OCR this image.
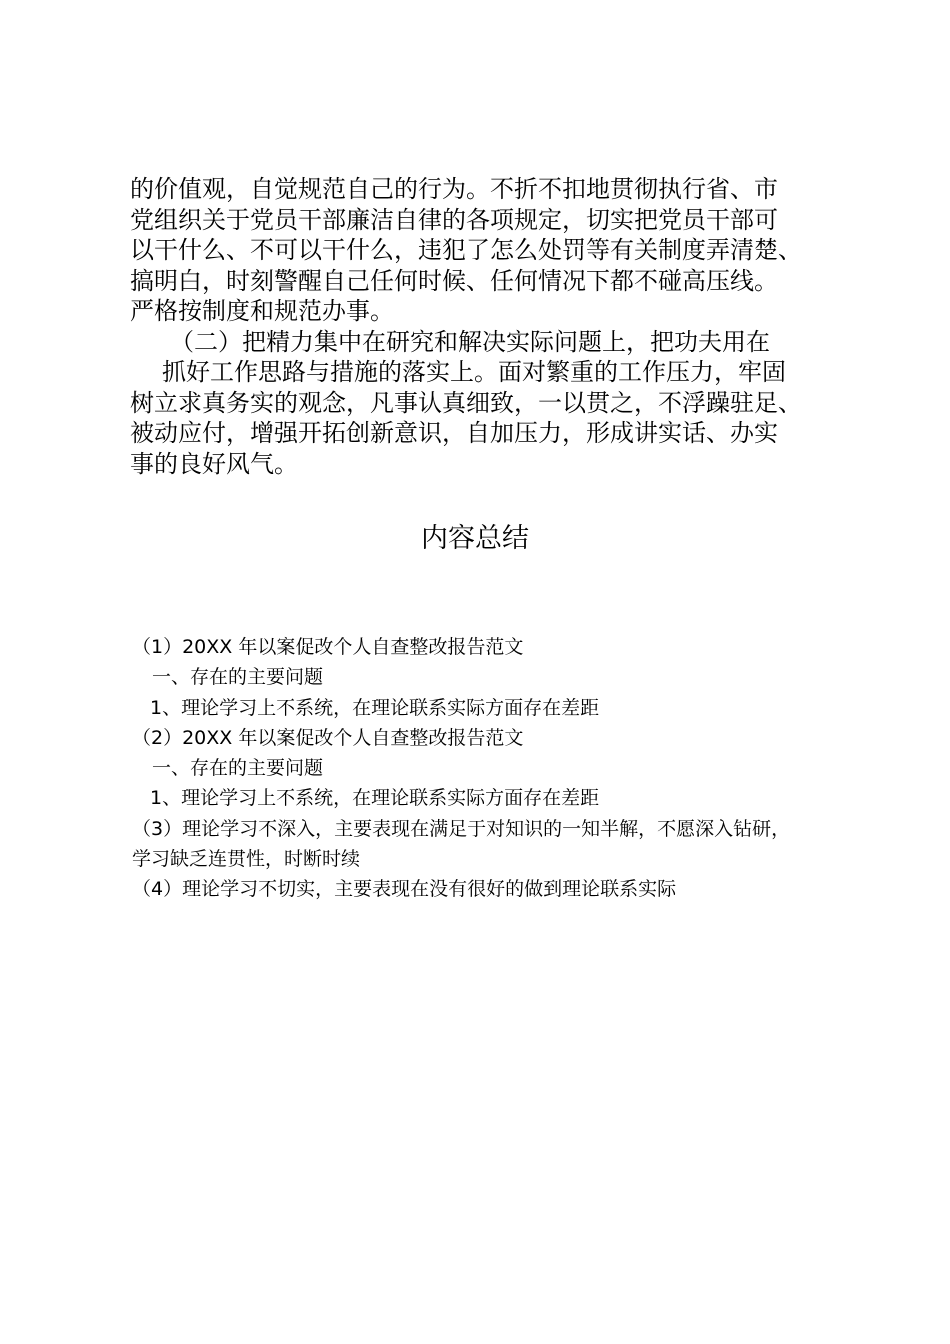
的价值观，自觉规范自己的行为。不折不扣地贯彻执行省、市
党组织关于党员干部廉洁自律的各项规定，切实把党员干部可
以干什么、不可以干什么，违犯了怎么处罚等有关制度弄清楚、
搞明白，时刻警醒自己任何时候、任何情况下都不碰高压线。
严格按制度和规范办事。
（二）把精力集中在研究和解决实际问题上，把功夫用在
抓好工作思路与措施的落实上。面对繁重的工作压力，牢固
树立求真务实的观念，凡事认真细致，一以贯之，不浮躁驻足、
被动应付，增强开拓创新意识，自加压力，形成讲实话、办实
事的良好风气。
内容总结
（1）20XX 年以案促改个人自查整改报告范文
一、存在的主要问题
1、理论学习上不系统，在理论联系实际方面存在差距
（2）20XX 年以案促改个人自查整改报告范文
一、存在的主要问题
1、理论学习上不系统，在理论联系实际方面存在差距
（3）理论学习不深入，主要表现在满足于对知识的一知半解，不愿深入钻研，
学习缺乏连贯性，时断时续
（4）理论学习不切实，主要表现在没有很好的做到理论联系实际
